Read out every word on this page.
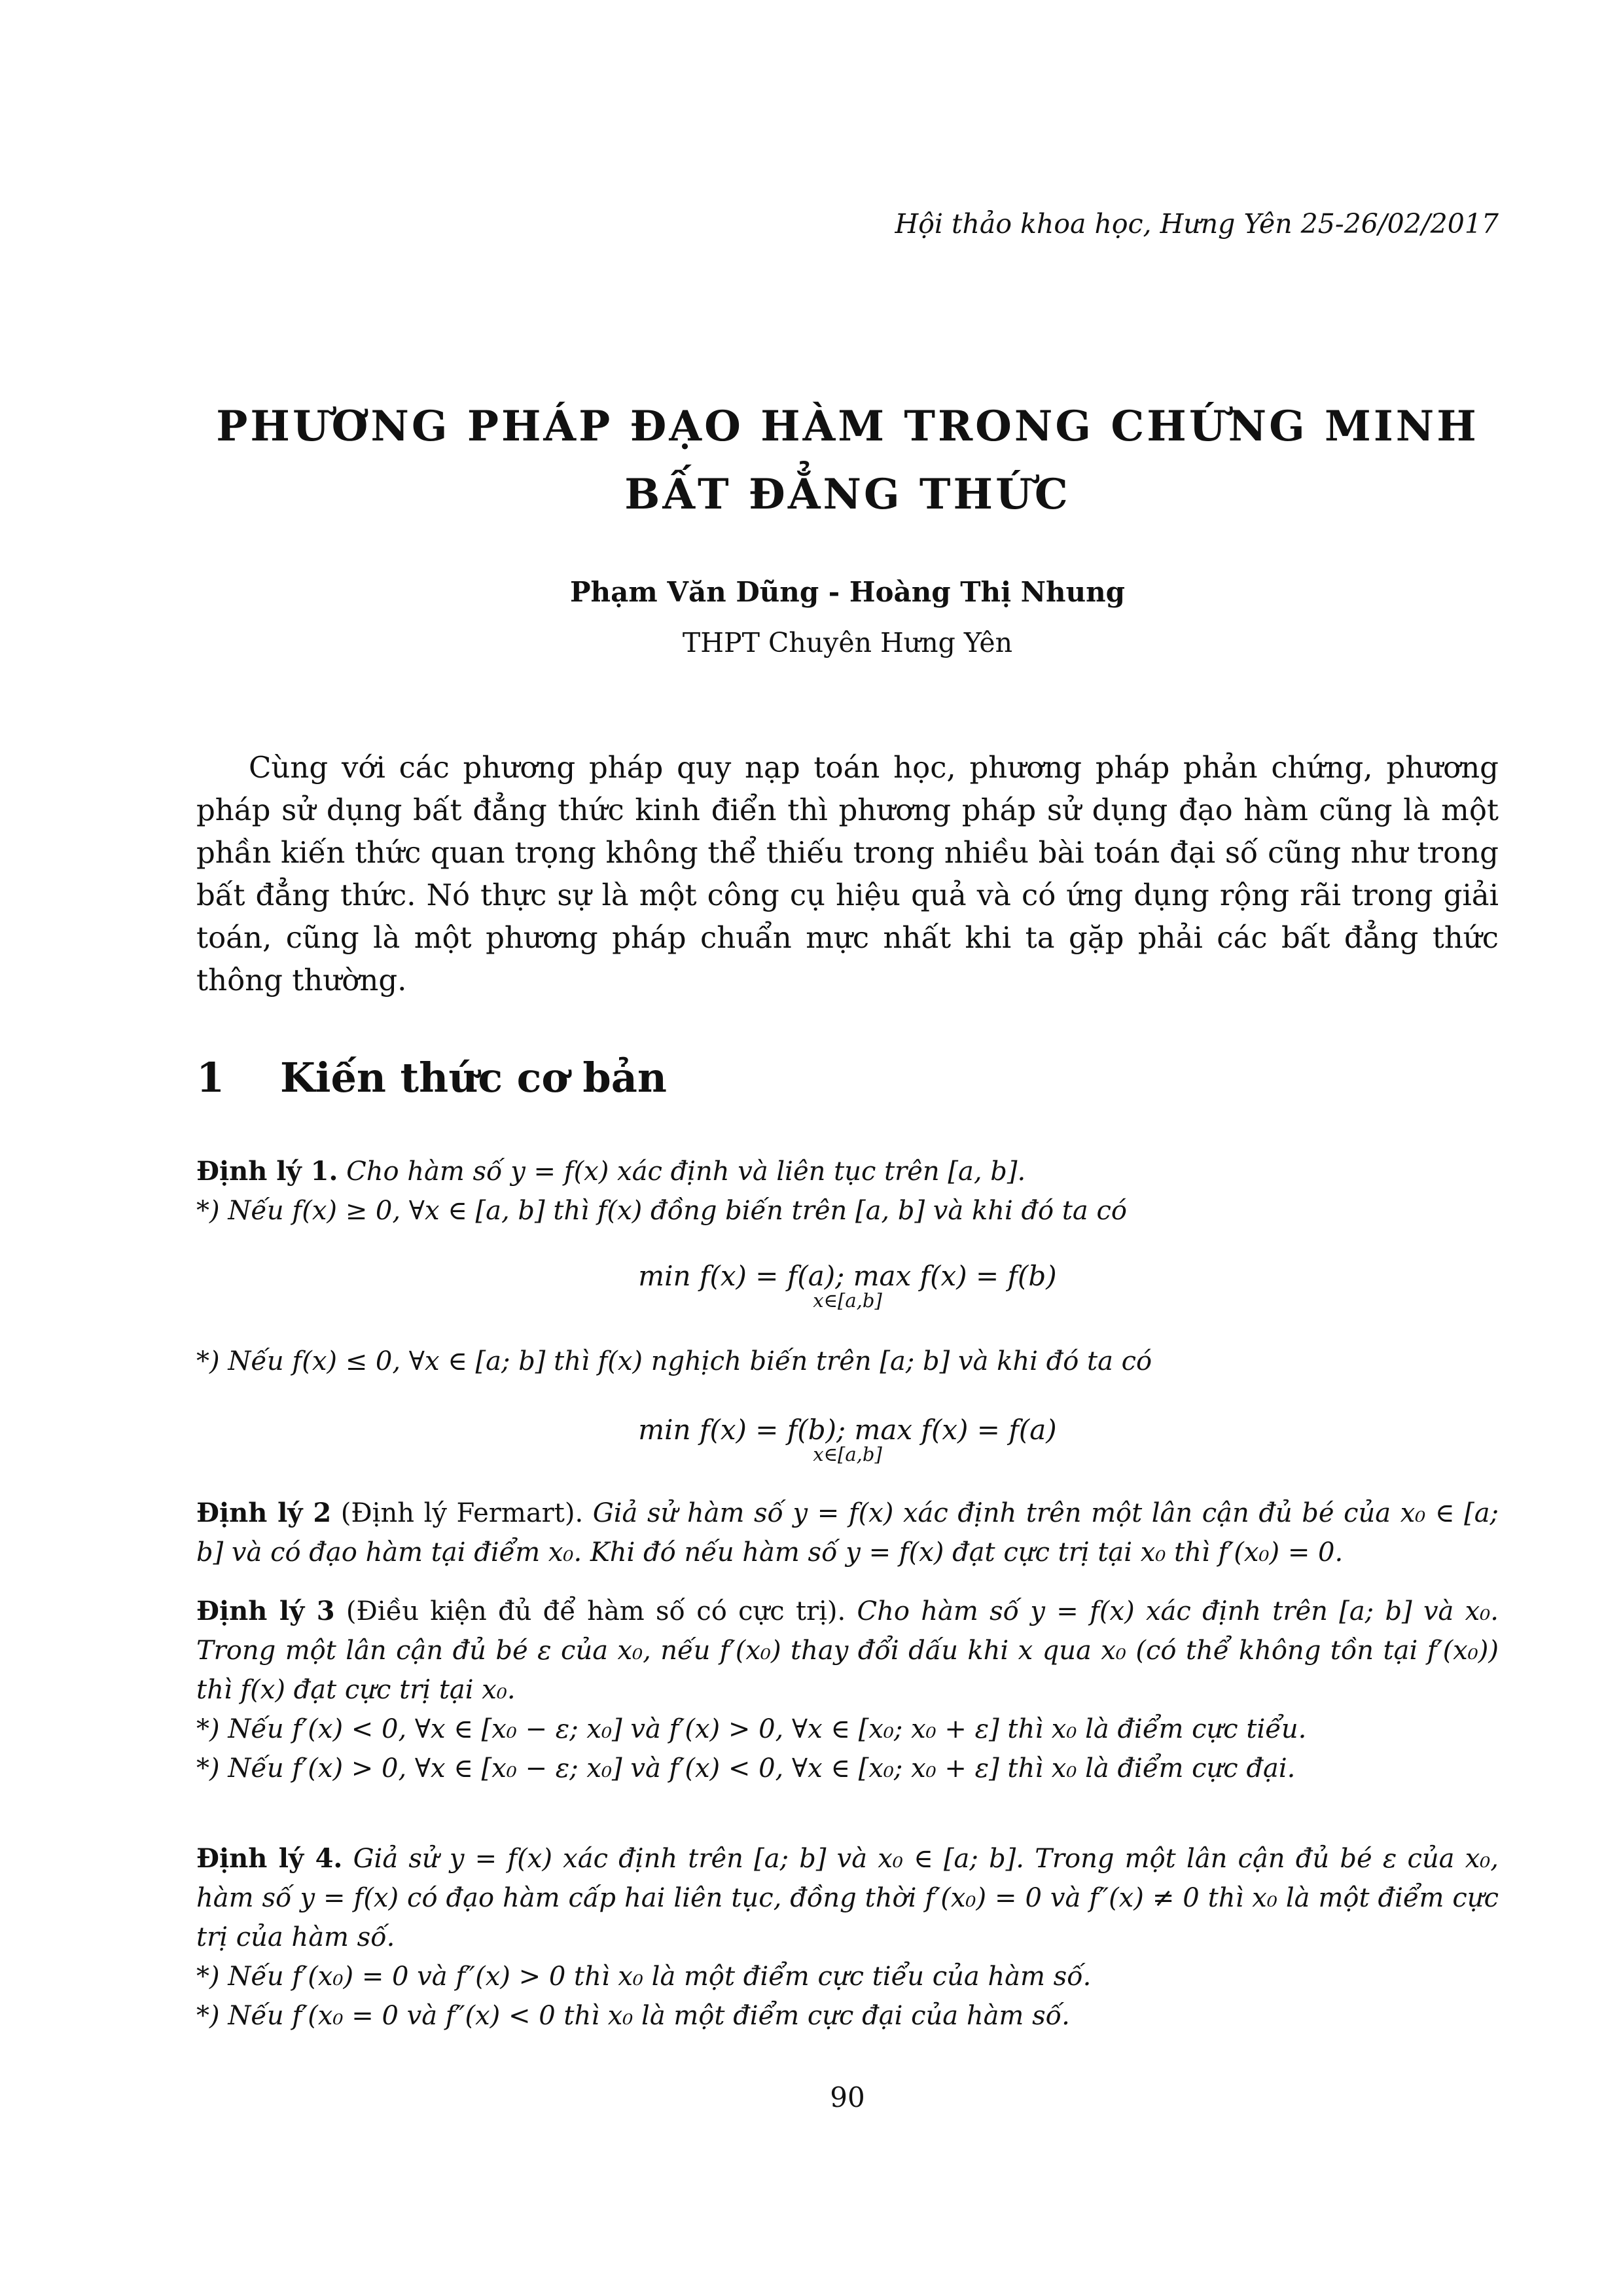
Hội thảo khoa học, Hưng Yên 25-26/02/2017
PHƯƠNG PHÁP ĐẠO HÀM TRONG CHỨNG MINH
BẤT ĐẲNG THỨC
Phạm Văn Dũng - Hoàng Thị Nhung
THPT Chuyên Hưng Yên
Cùng với các phương pháp quy nạp toán học, phương pháp phản chứng, phương pháp sử dụng bất đẳng thức kinh điển thì phương pháp sử dụng đạo hàm cũng là một phần kiến thức quan trọng không thể thiếu trong nhiều bài toán đại số cũng như trong bất đẳng thức. Nó thực sự là một công cụ hiệu quả và có ứng dụng rộng rãi trong giải toán, cũng là một phương pháp chuẩn mực nhất khi ta gặp phải các bất đẳng thức thông thường.
1 Kiến thức cơ bản
Định lý 1. Cho hàm số y = f(x) xác định và liên tục trên [a, b].
*) Nếu f(x) ≥ 0, ∀x ∈ [a, b] thì f(x) đồng biến trên [a, b] và khi đó ta có
min f(x) = f(a); max f(x) = f(b)
x∈[a,b]
*) Nếu f(x) ≤ 0, ∀x ∈ [a; b] thì f(x) nghịch biến trên [a; b] và khi đó ta có
min f(x) = f(b); max f(x) = f(a)
x∈[a,b]
Định lý 2 (Định lý Fermart). Giả sử hàm số y = f(x) xác định trên một lân cận đủ bé của x₀ ∈ [a; b] và có đạo hàm tại điểm x₀. Khi đó nếu hàm số y = f(x) đạt cực trị tại x₀ thì f′(x₀) = 0.
Định lý 3 (Điều kiện đủ để hàm số có cực trị). Cho hàm số y = f(x) xác định trên [a; b] và x₀. Trong một lân cận đủ bé ε của x₀, nếu f′(x₀) thay đổi dấu khi x qua x₀ (có thể không tồn tại f′(x₀)) thì f(x) đạt cực trị tại x₀.
*) Nếu f′(x) < 0, ∀x ∈ [x₀ − ε; x₀] và f′(x) > 0, ∀x ∈ [x₀; x₀ + ε] thì x₀ là điểm cực tiểu.
*) Nếu f′(x) > 0, ∀x ∈ [x₀ − ε; x₀] và f′(x) < 0, ∀x ∈ [x₀; x₀ + ε] thì x₀ là điểm cực đại.
Định lý 4. Giả sử y = f(x) xác định trên [a; b] và x₀ ∈ [a; b]. Trong một lân cận đủ bé ε của x₀, hàm số y = f(x) có đạo hàm cấp hai liên tục, đồng thời f′(x₀) = 0 và f″(x) ≠ 0 thì x₀ là một điểm cực trị của hàm số.
*) Nếu f′(x₀) = 0 và f″(x) > 0 thì x₀ là một điểm cực tiểu của hàm số.
*) Nếu f′(x₀ = 0 và f″(x) < 0 thì x₀ là một điểm cực đại của hàm số.
90
